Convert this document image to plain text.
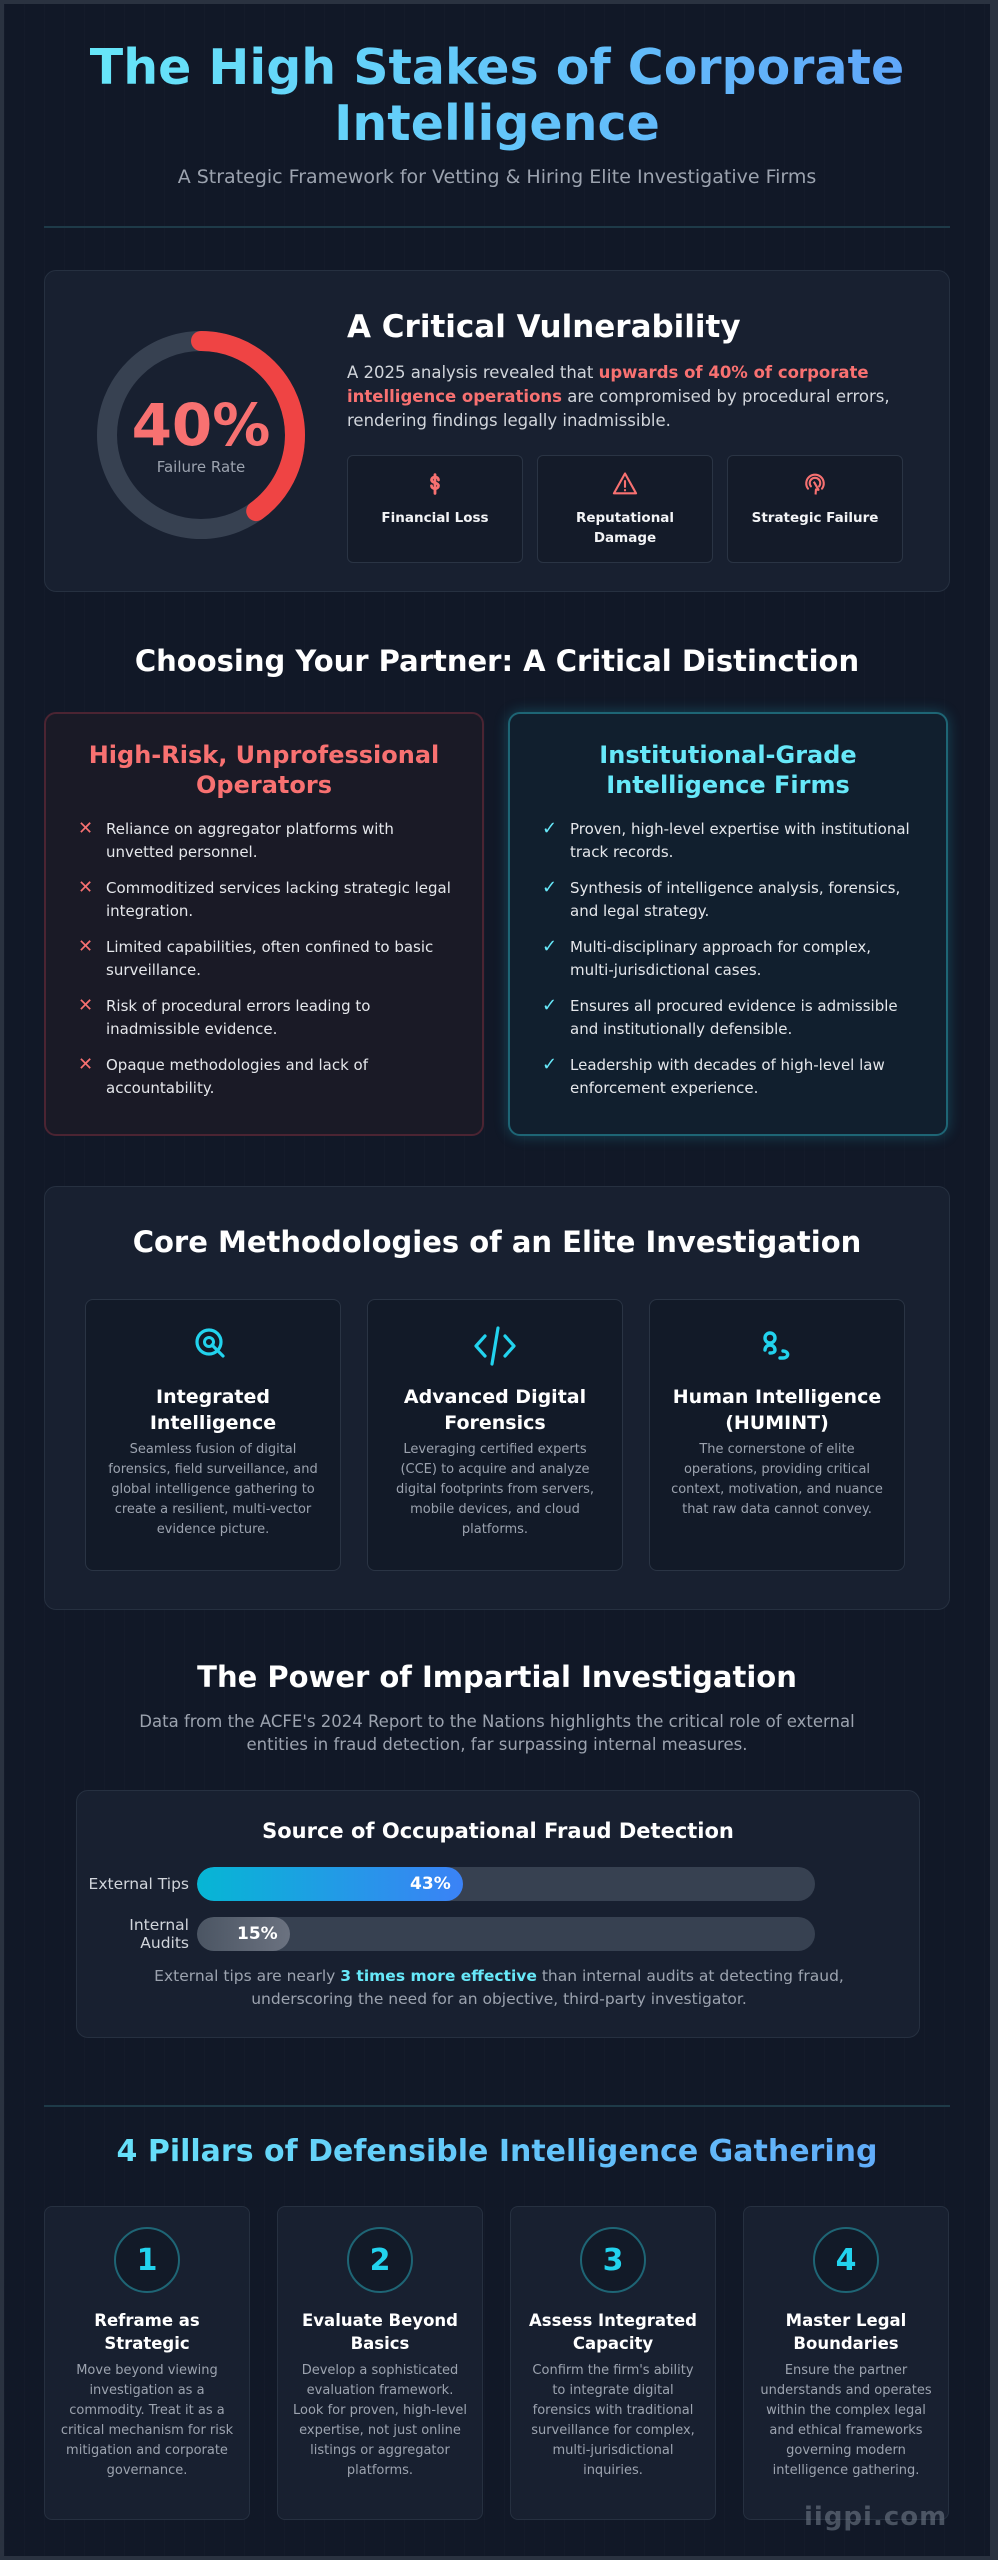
The High Stakes of Corporate Intelligence

A Strategic Framework for Vetting & Hiring Elite Investigative Firms

40%
Failure Rate
A Critical Vulnerability

A 2025 analysis revealed that upwards of 40% of corporate intelligence operations are compromised by procedural errors, rendering findings legally inadmissible.

Financial Loss	Reputational Damage
Strategic Failure
Choosing Your Partner: A Critical Distinction
High-Risk, Unprofessional Operators
✕ Reliance on aggregator platforms with unvetted personnel.
✕ Commoditized services lacking strategic legal integration.
✕ Limited capabilities, often confined to basic surveillance.
✕ Risk of procedural errors leading to inadmissible evidence.
✕ Opaque methodologies and lack of accountability.
Institutional-Grade Intelligence Firms
✓ Proven, high-level expertise with institutional track records.
✓ Synthesis of intelligence analysis, forensics, and legal strategy.
✓ Multi-disciplinary approach for complex, multi-jurisdictional cases.
✓ Ensures all procured evidence is admissible and institutionally defensible.
✓ Leadership with decades of high-level law enforcement experience.
Core Methodologies of an Elite Investigation
Integrated Intelligence
Seamless fusion of digital forensics, field surveillance, and global intelligence gathering to create a resilient, multi-vector evidence picture.
Advanced Digital Forensics
Leveraging certified experts (CCE) to acquire and analyze digital footprints from servers, mobile devices, and cloud platforms.
Human Intelligence (HUMINT)
The cornerstone of elite operations, providing critical context, motivation, and nuance that raw data cannot convey.
The Power of Impartial Investigation

Data from the ACFE's 2024 Report to the Nations highlights the critical role of external entities in fraud detection, far surpassing internal measures.

Source of Occupational Fraud Detection
External Tips	43%
Internal Audits	15%

External tips are nearly 3 times more effective than internal audits at detecting fraud, underscoring the need for an objective, third-party investigator.

4 Pillars of Defensible Intelligence Gathering
1
Reframe as Strategic
Move beyond viewing investigation as a commodity. Treat it as a critical mechanism for risk mitigation and corporate governance.
2
Evaluate Beyond Basics
Develop a sophisticated evaluation framework. Look for proven, high-level expertise, not just online listings or aggregator platforms.
3
Assess Integrated Capacity
Confirm the firm's ability to integrate digital forensics with traditional surveillance for complex, multi-jurisdictional inquiries.
4
Master Legal Boundaries
Ensure the partner understands and operates within the complex legal and ethical frameworks governing modern intelligence gathering.
iigpi.com
